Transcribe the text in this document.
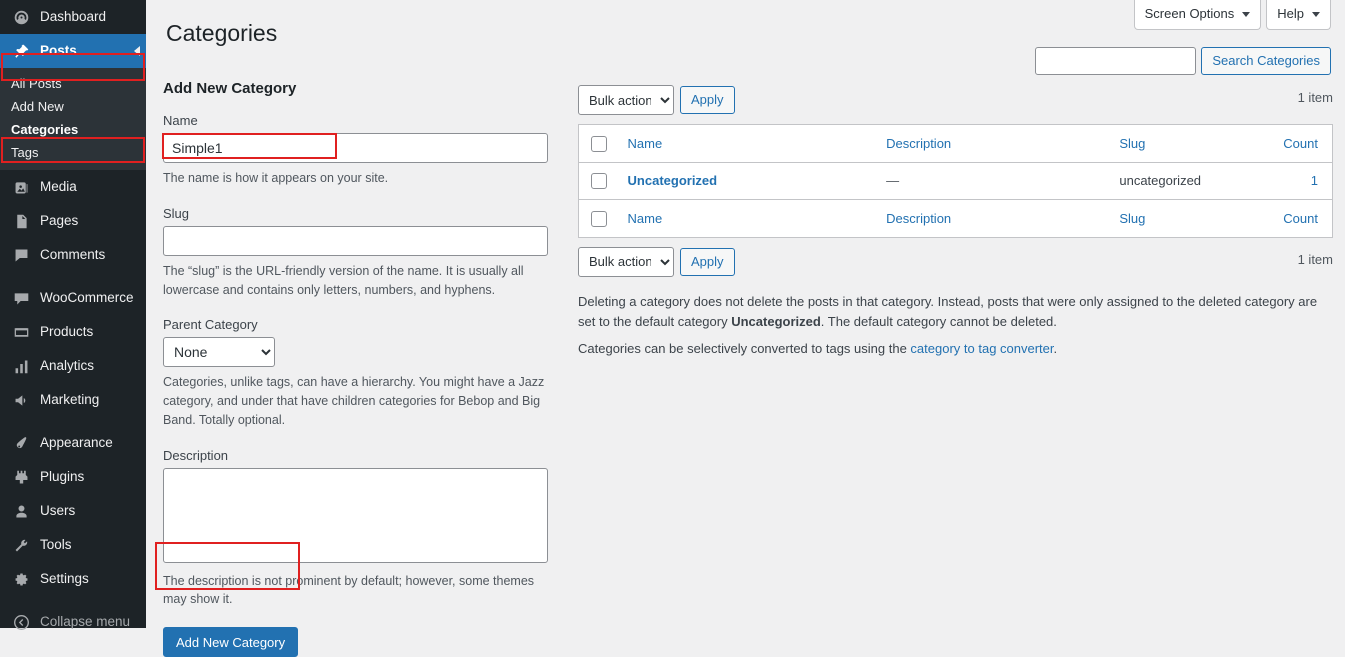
Dashboard
Posts
All Posts
Add New
Categories
Tags
Media
Pages
Comments
WooCommerce
Products
Analytics
Marketing
Appearance
Plugins
Users
Tools
Settings
Collapse menu
Screen Options	Help
Categories
Search Categories
Add New Category
Name
Simple1
The name is how it appears on your site.
Slug
The “slug” is the URL-friendly version of the name. It is usually all lowercase and contains only letters, numbers, and hyphens.
Parent Category
None
Categories, unlike tags, can have a hierarchy. You might have a Jazz category, and under that have children categories for Bebop and Big Band. Totally optional.
Description
The description is not prominent by default; however, some themes may show it.
Add New Category
Bulk actions
Apply	1 item
	Name	Description	Slug	Count
	Uncategorized	—	uncategorized	1
	Name	Description	Slug	Count
Bulk actions
Apply	1 item

Deleting a category does not delete the posts in that category. Instead, posts that were only assigned to the deleted category are set to the default category Uncategorized. The default category cannot be deleted.

Categories can be selectively converted to tags using the category to tag converter.
